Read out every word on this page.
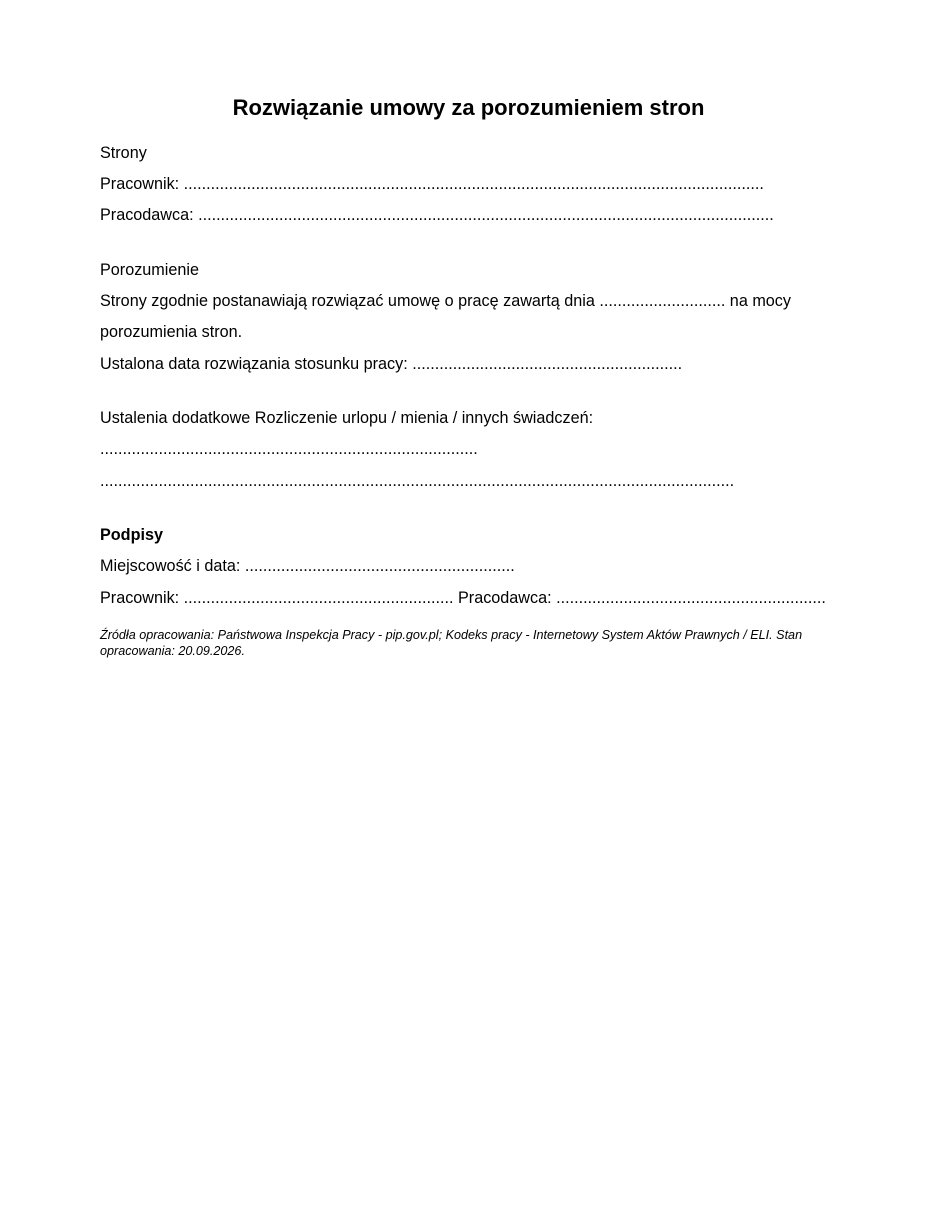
Rozwiązanie umowy za porozumieniem stron
Strony
Pracownik: .................................................................................................................................
Pracodawca: ................................................................................................................................
Porozumienie
Strony zgodnie postanawiają rozwiązać umowę o pracę zawartą dnia ............................ na mocy porozumienia stron.
Ustalona data rozwiązania stosunku pracy: ............................................................
Ustalenia dodatkowe Rozliczenie urlopu / mienia / innych świadczeń:
....................................................................................
.............................................................................................................................................
Podpisy
Miejscowość i data: ............................................................
Pracownik: ............................................................ Pracodawca: ............................................................

Źródła opracowania: Państwowa Inspekcja Pracy - pip.gov.pl; Kodeks pracy - Internetowy System Aktów Prawnych / ELI. Stan opracowania: 20.09.2026.
